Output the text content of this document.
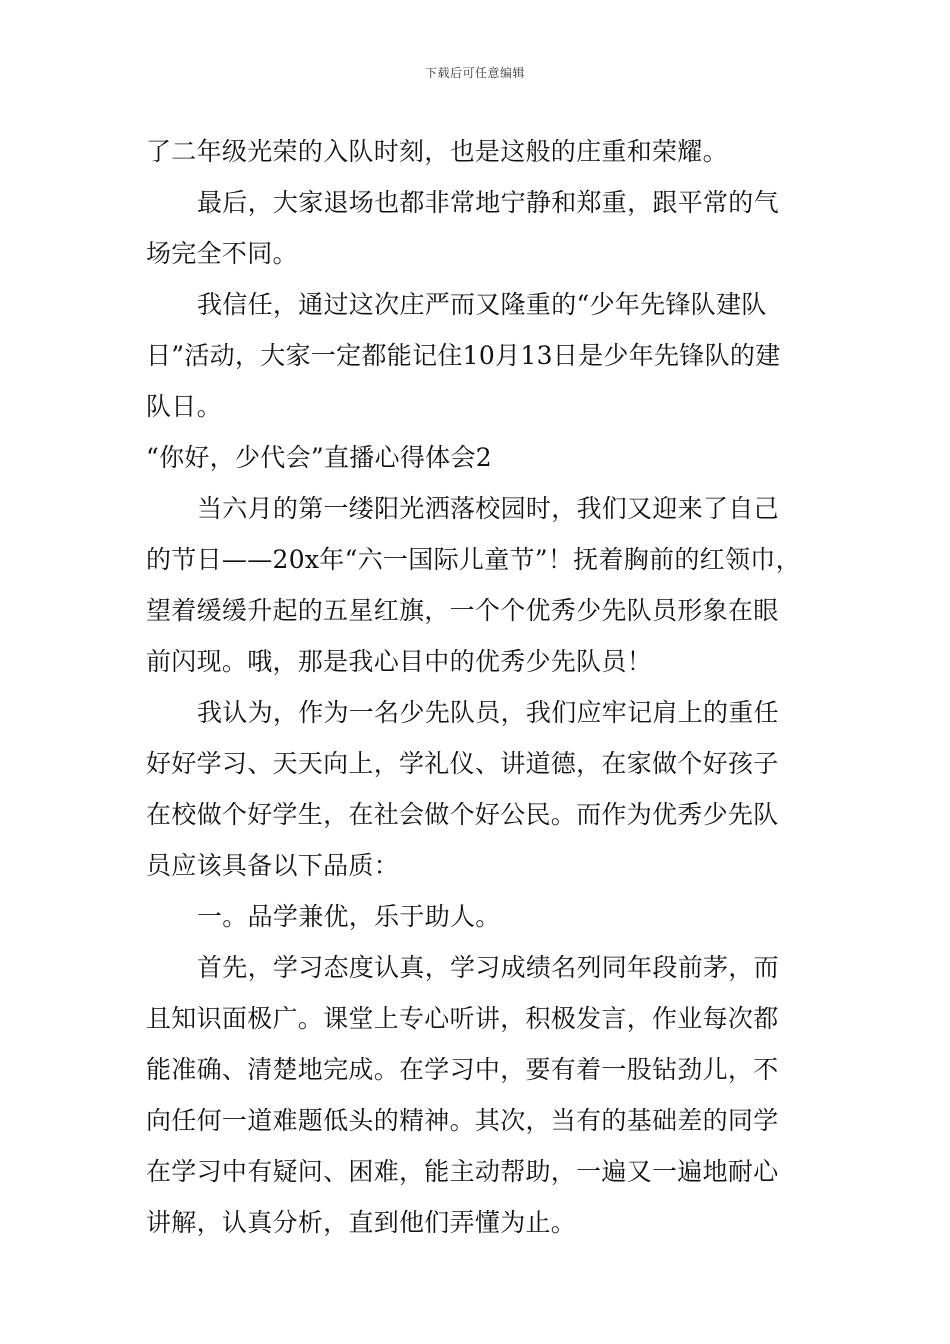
下载后可任意编辑
了二年级光荣的入队时刻，也是这般的庄重和荣耀。
最后，大家退场也都非常地宁静和郑重，跟平常的气
场完全不同。
我信任，通过这次庄严而又隆重的“少年先锋队建队
日”活动，大家一定都能记住10月13日是少年先锋队的建
队日。
“你好，少代会”直播心得体会2
当六月的第一缕阳光洒落校园时，我们又迎来了自己
的节日——20x年“六一国际儿童节”！抚着胸前的红领巾，
望着缓缓升起的五星红旗，一个个优秀少先队员形象在眼
前闪现。哦，那是我心目中的优秀少先队员！
我认为，作为一名少先队员，我们应牢记肩上的重任
好好学习、天天向上，学礼仪、讲道德，在家做个好孩子
在校做个好学生，在社会做个好公民。而作为优秀少先队
员应该具备以下品质：
一。品学兼优，乐于助人。
首先，学习态度认真，学习成绩名列同年段前茅，而
且知识面极广。课堂上专心听讲，积极发言，作业每次都
能准确、清楚地完成。在学习中，要有着一股钻劲儿，不
向任何一道难题低头的精神。其次，当有的基础差的同学
在学习中有疑问、困难，能主动帮助，一遍又一遍地耐心
讲解，认真分析，直到他们弄懂为止。
